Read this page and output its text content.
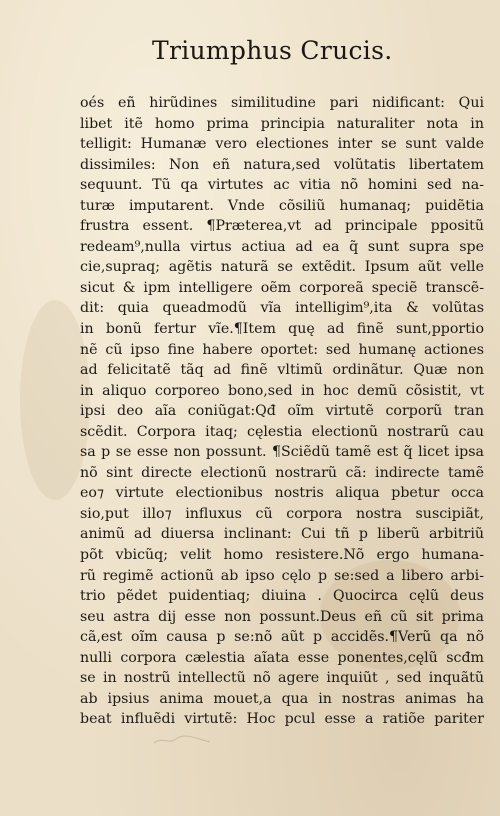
Triumphus Crucis.
oés eñ hirũdines similitudine pari nidificant: Qui
libet itẽ homo prima principia naturaliter nota in
telligit: Humanæ vero electiones inter se sunt valde
dissimiles: Non eñ natura,sed volũtatis libertatem
sequunt. Tũ qa virtutes ac vitia nõ homini sed na-
turæ imputarent. Vnde cõsiliũ humanaq; puidẽtia
frustra essent. ¶Præterea,vt ad principale ppositũ
redeam⁹,nulla virtus actiua ad ea q̃ sunt supra spe
cie,supraq; agẽtis naturã se extẽdit. Ipsum aũt velle
sicut & ipm intelligere oẽm corporeã speciẽ transcẽ-
dit: quia queadmodũ vĩa intelligim⁹,ita & volũtas
in bonũ fertur vĩe.¶Item quę ad finẽ sunt,pportio
nẽ cũ ipso fine habere oportet: sed humanę actiones
ad felicitatẽ tãq ad finẽ vltimũ ordinãtur. Quæ non
in aliquo corporeo bono,sed in hoc demũ cõsistit, vt
ipsi deo aĩa coniũgat:Qđ oĩm virtutẽ corporũ tran
scẽdit. Corpora itaq; cęlestia electionũ nostrarũ cau
sa p se esse non possunt. ¶Sciẽdũ tamẽ est q̃ licet ipsa
nõ sint directe electionũ nostrarũ cã: indirecte tamẽ
eo⁊ virtute electionibus nostris aliqua pbetur occa
sio,put illo⁊ influxus cũ corpora nostra suscipiãt,
animũ ad diuersa inclinant: Cui tñ p liberũ arbitriũ
põt vbicũq; velit homo resistere.Nõ ergo humana-
rũ regimẽ actionũ ab ipso cęlo p se:sed a libero arbi-
trio pẽdet puidentiaq; diuina . Quocirca cęlũ deus
seu astra dij esse non possunt.Deus eñ cũ sit prima
cã,est oĩm causa p se:nõ aũt p accidẽs.¶Verũ qa nõ
nulli corpora cælestia aĩata esse ponentes,cęlũ scđm
se in nostrũ intellectũ nõ agere inquiũt , sed inquãtũ
ab ipsius anima mouet,a qua in nostras animas ha
beat influẽdi virtutẽ: Hoc pcul esse a ratiõe pariter
